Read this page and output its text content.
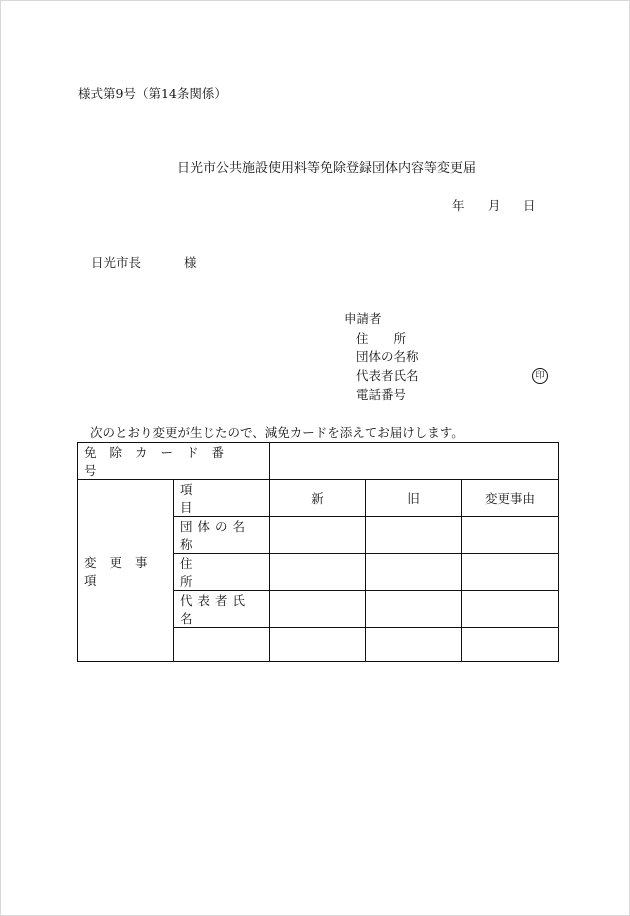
様式第9号（第14条関係）
日光市公共施設使用料等免除登録団体内容等変更届
年 月 日
日光市長	様
申請者
住　　所
団体の名称
代表者氏名	印
電話番号
次のとおり変更が生じたので、減免カードを添えてお届けします。
免除カード番号				

変更事項	項目	新	旧	変更事由
	団体の名称			
	住所			
	代表者氏名			
